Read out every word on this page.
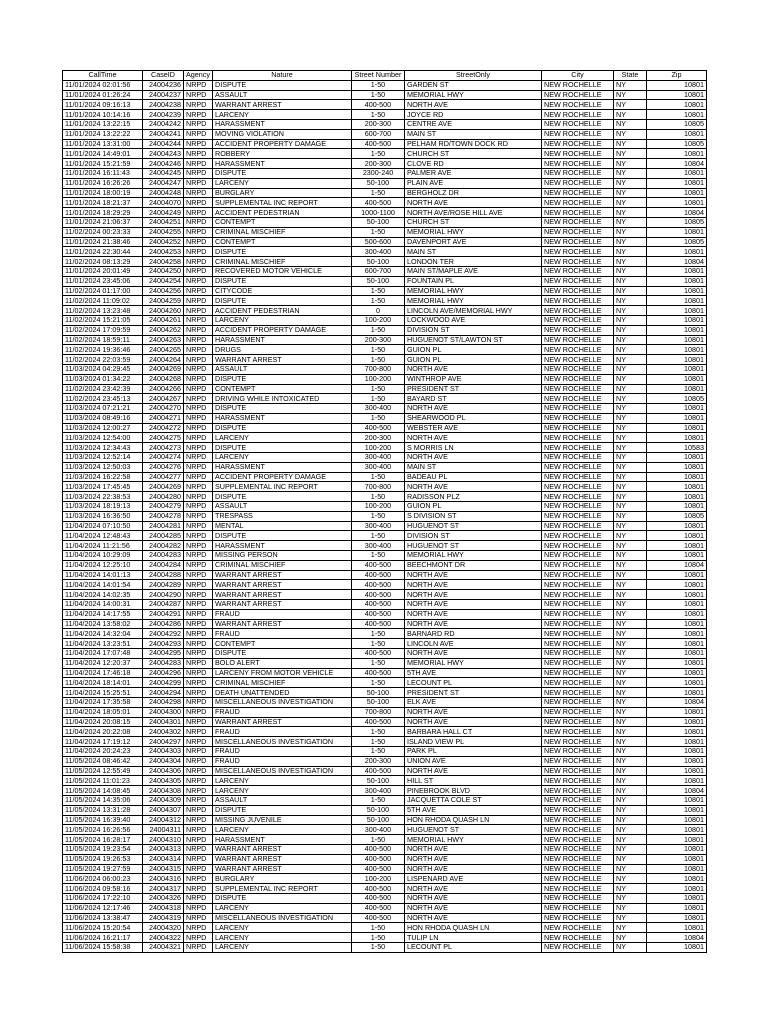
CallTime	CaseID	Agency	Nature	Street Number	StreetOnly	City	State	Zip
11/01/2024 02:01:56	24004236	NRPD	DISPUTE	1-50	GARDEN ST	NEW ROCHELLE	NY	10801
11/01/2024 01:26:24	24004237	NRPD	ASSAULT	1-50	MEMORIAL HWY	NEW ROCHELLE	NY	10801
11/01/2024 09:16:13	24004238	NRPD	WARRANT ARREST	400-500	NORTH AVE	NEW ROCHELLE	NY	10801
11/01/2024 10:14:16	24004239	NRPD	LARCENY	1-50	JOYCE RD	NEW ROCHELLE	NY	10801
11/01/2024 13:22:15	24004242	NRPD	HARASSMENT	200-300	CENTRE AVE	NEW ROCHELLE	NY	10805
11/01/2024 13:22:22	24004241	NRPD	MOVING VIOLATION	600-700	MAIN ST	NEW ROCHELLE	NY	10801
11/01/2024 13:31:00	24004244	NRPD	ACCIDENT PROPERTY DAMAGE	400-500	PELHAM RD/TOWN DOCK RD	NEW ROCHELLE	NY	10805
11/01/2024 14:49:01	24004243	NRPD	ROBBERY	1-50	CHURCH ST	NEW ROCHELLE	NY	10801
11/01/2024 15:21:59	24004246	NRPD	HARASSMENT	200-300	CLOVE RD	NEW ROCHELLE	NY	10804
11/01/2024 16:11:43	24004245	NRPD	DISPUTE	2300-240	PALMER AVE	NEW ROCHELLE	NY	10801
11/01/2024 16:26:26	24004247	NRPD	LARCENY	50-100	PLAIN AVE	NEW ROCHELLE	NY	10801
11/01/2024 18:00:19	24004248	NRPD	BURGLARY	1-50	BERGHOLZ DR	NEW ROCHELLE	NY	10801
11/01/2024 18:21:37	24004070	NRPD	SUPPLEMENTAL INC REPORT	400-500	NORTH AVE	NEW ROCHELLE	NY	10801
11/01/2024 18:29:29	24004249	NRPD	ACCIDENT PEDESTRIAN	1000-1100	NORTH AVE/ROSE HILL AVE	NEW ROCHELLE	NY	10804
11/01/2024 21:06:37	24004251	NRPD	CONTEMPT	50-100	CHURCH ST	NEW ROCHELLE	NY	10805
11/02/2024 00:23:33	24004255	NRPD	CRIMINAL MISCHIEF	1-50	MEMORIAL HWY	NEW ROCHELLE	NY	10801
11/01/2024 21:38:46	24004252	NRPD	CONTEMPT	500-600	DAVENPORT AVE	NEW ROCHELLE	NY	10805
11/01/2024 22:30:44	24004253	NRPD	DISPUTE	300-400	MAIN ST	NEW ROCHELLE	NY	10801
11/02/2024 08:13:29	24004258	NRPD	CRIMINAL MISCHIEF	50-100	LONDON TER	NEW ROCHELLE	NY	10804
11/01/2024 20:01:49	24004250	NRPD	RECOVERED MOTOR VEHICLE	600-700	MAIN ST/MAPLE AVE	NEW ROCHELLE	NY	10801
11/01/2024 23:45:06	24004254	NRPD	DISPUTE	50-100	FOUNTAIN PL	NEW ROCHELLE	NY	10801
11/02/2024 01:17:00	24004256	NRPD	CITYCODE	1-50	MEMORIAL HWY	NEW ROCHELLE	NY	10801
11/02/2024 11:09:02	24004259	NRPD	DISPUTE	1-50	MEMORIAL HWY	NEW ROCHELLE	NY	10801
11/02/2024 13:23:48	24004260	NRPD	ACCIDENT PEDESTRIAN	0	LINCOLN AVE/MEMORIAL HWY	NEW ROCHELLE	NY	10801
11/02/2024 15:21:05	24004261	NRPD	LARCENY	100-200	LOCKWOOD AVE	NEW ROCHELLE	NY	10801
11/02/2024 17:09:59	24004262	NRPD	ACCIDENT PROPERTY DAMAGE	1-50	DIVISION ST	NEW ROCHELLE	NY	10801
11/02/2024 18:59:11	24004263	NRPD	HARASSMENT	200-300	HUGUENOT ST/LAWTON ST	NEW ROCHELLE	NY	10801
11/02/2024 19:36:46	24004265	NRPD	DRUGS	1-50	GUION PL	NEW ROCHELLE	NY	10801
11/02/2024 22:03:59	24004264	NRPD	WARRANT ARREST	1-50	GUION PL	NEW ROCHELLE	NY	10801
11/03/2024 04:29:45	24004269	NRPD	ASSAULT	700-800	NORTH AVE	NEW ROCHELLE	NY	10801
11/03/2024 01:34:22	24004268	NRPD	DISPUTE	100-200	WINTHROP AVE	NEW ROCHELLE	NY	10801
11/02/2024 23:42:39	24004266	NRPD	CONTEMPT	1-50	PRESIDENT ST	NEW ROCHELLE	NY	10801
11/02/2024 23:45:13	24004267	NRPD	DRIVING WHILE INTOXICATED	1-50	BAYARD ST	NEW ROCHELLE	NY	10805
11/03/2024 07:21:21	24004270	NRPD	DISPUTE	300-400	NORTH AVE	NEW ROCHELLE	NY	10801
11/03/2024 08:49:16	24004271	NRPD	HARASSMENT	1-50	SHEARWOOD PL	NEW ROCHELLE	NY	10801
11/03/2024 12:00:27	24004272	NRPD	DISPUTE	400-500	WEBSTER AVE	NEW ROCHELLE	NY	10801
11/03/2024 12:54:00	24004275	NRPD	LARCENY	200-300	NORTH AVE	NEW ROCHELLE	NY	10801
11/03/2024 12:34:43	24004273	NRPD	DISPUTE	100-200	S MORRIS LN	NEW ROCHELLE	NY	10583
11/03/2024 12:52:14	24004274	NRPD	LARCENY	300-400	NORTH AVE	NEW ROCHELLE	NY	10801
11/03/2024 12:50:03	24004276	NRPD	HARASSMENT	300-400	MAIN ST	NEW ROCHELLE	NY	10801
11/03/2024 16:22:58	24004277	NRPD	ACCIDENT PROPERTY DAMAGE	1-50	BADEAU PL	NEW ROCHELLE	NY	10801
11/03/2024 17:45:45	24004269	NRPD	SUPPLEMENTAL INC REPORT	700-800	NORTH AVE	NEW ROCHELLE	NY	10801
11/03/2024 22:38:53	24004280	NRPD	DISPUTE	1-50	RADISSON PLZ	NEW ROCHELLE	NY	10801
11/03/2024 18:19:13	24004279	NRPD	ASSAULT	100-200	GUION PL	NEW ROCHELLE	NY	10801
11/03/2024 16:36:50	24004278	NRPD	TRESPASS	1-50	S DIVISION ST	NEW ROCHELLE	NY	10805
11/04/2024 07:10:50	24004281	NRPD	MENTAL	300-400	HUGUENOT ST	NEW ROCHELLE	NY	10801
11/04/2024 12:48:43	24004285	NRPD	DISPUTE	1-50	DIVISION ST	NEW ROCHELLE	NY	10801
11/04/2024 11:21:56	24004282	NRPD	HARASSMENT	300-400	HUGUENOT ST	NEW ROCHELLE	NY	10801
11/04/2024 10:29:09	24004283	NRPD	MISSING PERSON	1-50	MEMORIAL HWY	NEW ROCHELLE	NY	10801
11/04/2024 12:25:10	24004284	NRPD	CRIMINAL MISCHIEF	400-500	BEECHMONT DR	NEW ROCHELLE	NY	10804
11/04/2024 14:01:13	24004288	NRPD	WARRANT ARREST	400-500	NORTH AVE	NEW ROCHELLE	NY	10801
11/04/2024 14:01:54	24004289	NRPD	WARRANT ARREST	400-500	NORTH AVE	NEW ROCHELLE	NY	10801
11/04/2024 14:02:35	24004290	NRPD	WARRANT ARREST	400-500	NORTH AVE	NEW ROCHELLE	NY	10801
11/04/2024 14:00:31	24004287	NRPD	WARRANT ARREST	400-500	NORTH AVE	NEW ROCHELLE	NY	10801
11/04/2024 14:17:55	24004291	NRPD	FRAUD	400-500	NORTH AVE	NEW ROCHELLE	NY	10801
11/04/2024 13:58:02	24004286	NRPD	WARRANT ARREST	400-500	NORTH AVE	NEW ROCHELLE	NY	10801
11/04/2024 14:32:04	24004292	NRPD	FRAUD	1-50	BARNARD RD	NEW ROCHELLE	NY	10801
11/04/2024 13:23:51	24004293	NRPD	CONTEMPT	1-50	LINCOLN AVE	NEW ROCHELLE	NY	10801
11/04/2024 17:07:48	24004295	NRPD	DISPUTE	400-500	NORTH AVE	NEW ROCHELLE	NY	10801
11/04/2024 12:20:37	24004283	NRPD	BOLO ALERT	1-50	MEMORIAL HWY	NEW ROCHELLE	NY	10801
11/04/2024 17:46:18	24004296	NRPD	LARCENY FROM MOTOR VEHICLE	400-500	5TH AVE	NEW ROCHELLE	NY	10801
11/04/2024 18:14:01	24004299	NRPD	CRIMINAL MISCHIEF	1-50	LECOUNT PL	NEW ROCHELLE	NY	10801
11/04/2024 15:25:51	24004294	NRPD	DEATH UNATTENDED	50-100	PRESIDENT ST	NEW ROCHELLE	NY	10801
11/04/2024 17:35:58	24004298	NRPD	MISCELLANEOUS INVESTIGATION	50-100	ELK AVE	NEW ROCHELLE	NY	10804
11/04/2024 18:05:01	24004300	NRPD	FRAUD	700-800	NORTH AVE	NEW ROCHELLE	NY	10801
11/04/2024 20:08:15	24004301	NRPD	WARRANT ARREST	400-500	NORTH AVE	NEW ROCHELLE	NY	10801
11/04/2024 20:22:08	24004302	NRPD	FRAUD	1-50	BARBARA HALL CT	NEW ROCHELLE	NY	10801
11/04/2024 17:19:12	24004297	NRPD	MISCELLANEOUS INVESTIGATION	1-50	ISLAND VIEW PL	NEW ROCHELLE	NY	10801
11/04/2024 20:24:23	24004303	NRPD	FRAUD	1-50	PARK PL	NEW ROCHELLE	NY	10801
11/05/2024 08:46:42	24004304	NRPD	FRAUD	200-300	UNION AVE	NEW ROCHELLE	NY	10801
11/05/2024 12:55:49	24004306	NRPD	MISCELLANEOUS INVESTIGATION	400-500	NORTH AVE	NEW ROCHELLE	NY	10801
11/05/2024 11:01:23	24004305	NRPD	LARCENY	50-100	HILL ST	NEW ROCHELLE	NY	10801
11/05/2024 14:08:45	24004308	NRPD	LARCENY	300-400	PINEBROOK BLVD	NEW ROCHELLE	NY	10804
11/05/2024 14:35:06	24004309	NRPD	ASSAULT	1-50	JACQUETTA COLE ST	NEW ROCHELLE	NY	10801
11/05/2024 13:31:28	24004307	NRPD	DISPUTE	50-100	5TH AVE	NEW ROCHELLE	NY	10801
11/05/2024 16:39:40	24004312	NRPD	MISSING JUVENILE	50-100	HON RHODA QUASH LN	NEW ROCHELLE	NY	10801
11/05/2024 16:26:56	24004311	NRPD	LARCENY	300-400	HUGUENOT ST	NEW ROCHELLE	NY	10801
11/05/2024 16:28:17	24004310	NRPD	HARASSMENT	1-50	MEMORIAL HWY	NEW ROCHELLE	NY	10801
11/05/2024 19:23:54	24004313	NRPD	WARRANT ARREST	400-500	NORTH AVE	NEW ROCHELLE	NY	10801
11/05/2024 19:26:53	24004314	NRPD	WARRANT ARREST	400-500	NORTH AVE	NEW ROCHELLE	NY	10801
11/05/2024 19:27:59	24004315	NRPD	WARRANT ARREST	400-500	NORTH AVE	NEW ROCHELLE	NY	10801
11/06/2024 06:00:23	24004316	NRPD	BURGLARY	100-200	LISPENARD AVE	NEW ROCHELLE	NY	10801
11/06/2024 09:58:16	24004317	NRPD	SUPPLEMENTAL INC REPORT	400-500	NORTH AVE	NEW ROCHELLE	NY	10801
11/06/2024 17:22:10	24004326	NRPD	DISPUTE	400-500	NORTH AVE	NEW ROCHELLE	NY	10801
11/06/2024 12:17:46	24004318	NRPD	LARCENY	400-500	NORTH AVE	NEW ROCHELLE	NY	10801
11/06/2024 13:38:47	24004319	NRPD	MISCELLANEOUS INVESTIGATION	400-500	NORTH AVE	NEW ROCHELLE	NY	10801
11/06/2024 15:20:54	24004320	NRPD	LARCENY	1-50	HON RHODA QUASH LN	NEW ROCHELLE	NY	10801
11/06/2024 16:21:17	24004322	NRPD	LARCENY	1-50	TULIP LN	NEW ROCHELLE	NY	10804
11/06/2024 15:58:38	24004321	NRPD	LARCENY	1-50	LECOUNT PL	NEW ROCHELLE	NY	10801
